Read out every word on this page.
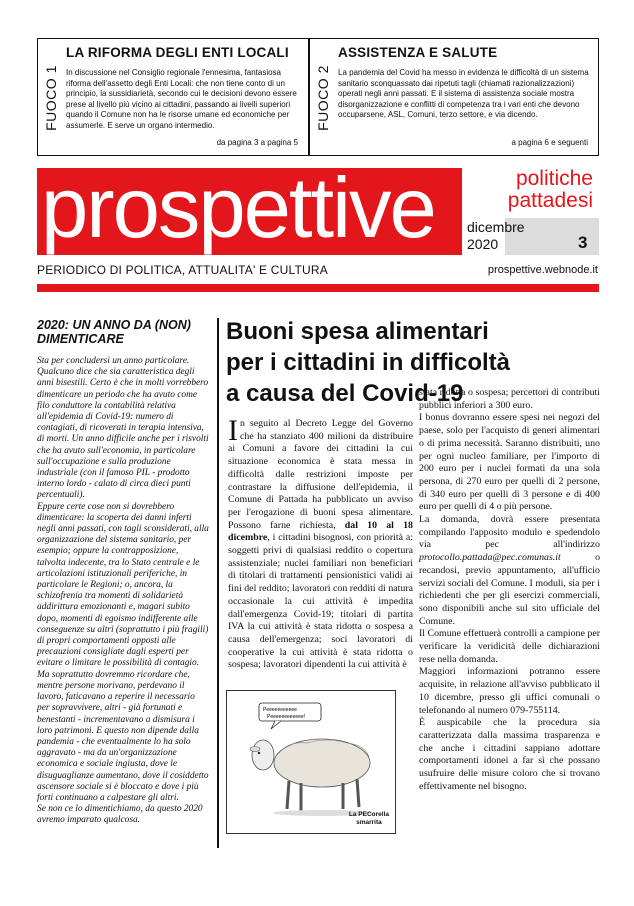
FUOCO 1
LA RIFORMA DEGLI ENTI LOCALI
In discussione nel Consiglio regionale l'ennesima, fantasiosa riforma dell'assetto degli Enti Locali: che non tiene conto di un principio, la sussidiarietà, secondo cui le decisioni devono essere prese al livello più vicino ai cittadini, passando ai livelli superiori quando il Comune non ha le risorse umane ed economiche per assumerle. E serve un organo intermedio.
da pagina 3 a pagina 5
FUOCO 2
ASSISTENZA E SALUTE
La pandemia del Covid ha messo in evidenza le difficoltà di un sistema sanitario sconquassato dai ripetuti tagli (chiamati razionalizzazioni) operati negli anni passati. E il sistema di assistenza sociale mostra disorganizzazione e conflitti di competenza tra i vari enti che devono occuparsene, ASL, Comuni, terzo settore, e via dicendo.
a pagina 6 e seguenti
prospettive	politiche
pattadesi
dicembre
2020	3
PERIODICO DI POLITICA, ATTUALITA' E CULTURA	prospettive.webnode.it
2020: UN ANNO DA (NON) DIMENTICARE

Sta per concludersi un anno particolare. Qualcuno dice che sia caratteristica degli anni bisestili. Certo è che in molti vorrebbero dimenticare un periodo che ha avuto come filo conduttore la contabilità relativa all'epidemia di Covid-19: numero di contagiati, di ricoverati in terapia intensiva, di morti. Un anno difficile anche per i risvolti che ha avuto sull'economia, in particolare sull'occupazione e sulla produzione industriale (con il famoso PIL - prodotto interno lordo - calato di circa dieci punti percentuali).

Eppure certe cose non si dovrebbero dimenticare: la scoperta dei danni inferti negli anni passati, con tagli sconsiderati, alla organizzazione del sistema sanitario, per esempio; oppure la contrapposizione, talvolta indecente, tra lo Stato centrale e le articolazioni istituzionali periferiche, in particolare le Regioni; o, ancora, la schizofrenia tra momenti di solidarietà addirittura emozionanti e, magari subito dopo, momenti di egoismo indifferente alle conseguenze su altri (soprattutto i più fragili) di propri comportamenti opposti alle precauzioni consigliate dagli esperti per evitare o limitare le possibilità di contagio. Ma soprattutto dovremmo ricordare che, mentre persone morivano, perdevano il lavoro, faticavano a reperire il necessario per sopravvivere, altri - già fortunati e benestanti - incrementavano a dismisura i loro patrimoni. E questo non dipende dalla pandemia - che eventualmente lo ha solo aggravato - ma da un'organizzazione economica e sociale ingiusta, dove le disuguaglianze aumentano, dove il cosiddetto ascensore sociale si è bloccato e dove i più forti continuano a calpestare gli altri.

Se non ce lo dimentichiamo, da questo 2020 avremo imparato qualcosa.

Buoni spesa alimentari
per i cittadini in difficoltà
a causa del Covid-19
In seguito al Decreto Legge del Governo che ha stanziato 400 milioni da distribuire ai Comuni a favore dei cittadini la cui situazione economica è stata messa in difficoltà dalle restrizioni imposte per contrastare la diffusione dell'epidemia, il Comune di Pattada ha pubblicato un avviso per l'erogazione di buoni spesa alimentare. Possono farne richiesta, dal 10 al 18 dicembre, i cittadini bisognosi, con priorità a: soggetti privi di qualsiasi reddito o copertura assistenziale; nuclei familiari non beneficiari di titolari di trattamenti pensionistici validi ai fini del reddito; lavoratori con redditi di natura occasionale la cui attività è impedita dall'emergenza Covid-19; titolari di partita IVA la cui attività è stata ridotta o sospesa a causa dell'emergenza; soci lavoratori di cooperative la cui attività è stata ridotta o sospesa; lavoratori dipendenti la cui attività è

stata ridotta o sospesa; percettori di contributi pubblici inferiori a 300 euro.

I bonus dovranno essere spesi nei negozi del paese, solo per l'acquisto di generi alimentari o di prima necessità. Saranno distribuiti, uno per ogni nucleo familiare, per l'importo di 200 euro per i nuclei formati da una sola persona, di 270 euro per quelli di 2 persone, di 340 euro per quelli di 3 persone e di 400 euro per quelli di 4 o più persone.

La domanda, dovrà essere presentata compilando l'apposito modulo e spedendolo via pec all'indirizzo protocollo.pattada@pec.comunas.it o recandosi, previo appuntamento, all'ufficio servizi sociali del Comune. I moduli, sia per i richiedenti che per gli esercizi commerciali, sono disponibili anche sul sito ufficiale del Comune.

Il Comune effettuerà controlli a campione per verificare la veridicità delle dichiarazioni rese nella domanda.

Maggiori informazioni potranno essere acquisite, in relazione all'avviso pubblicato il 10 dicembre, presso gli uffici comunali o telefonando al numero 079-755114.

È auspicabile che la procedura sia caratterizzata dalla massima trasparenza e che anche i cittadini sappiano adottare comportamenti idonei a far sì che possano usufruire delle misure coloro che si trovano effettivamente nel bisogno.

Peeeeeeeeeee
Peeeeeeeeeeee!
La PECorella
smarrita
